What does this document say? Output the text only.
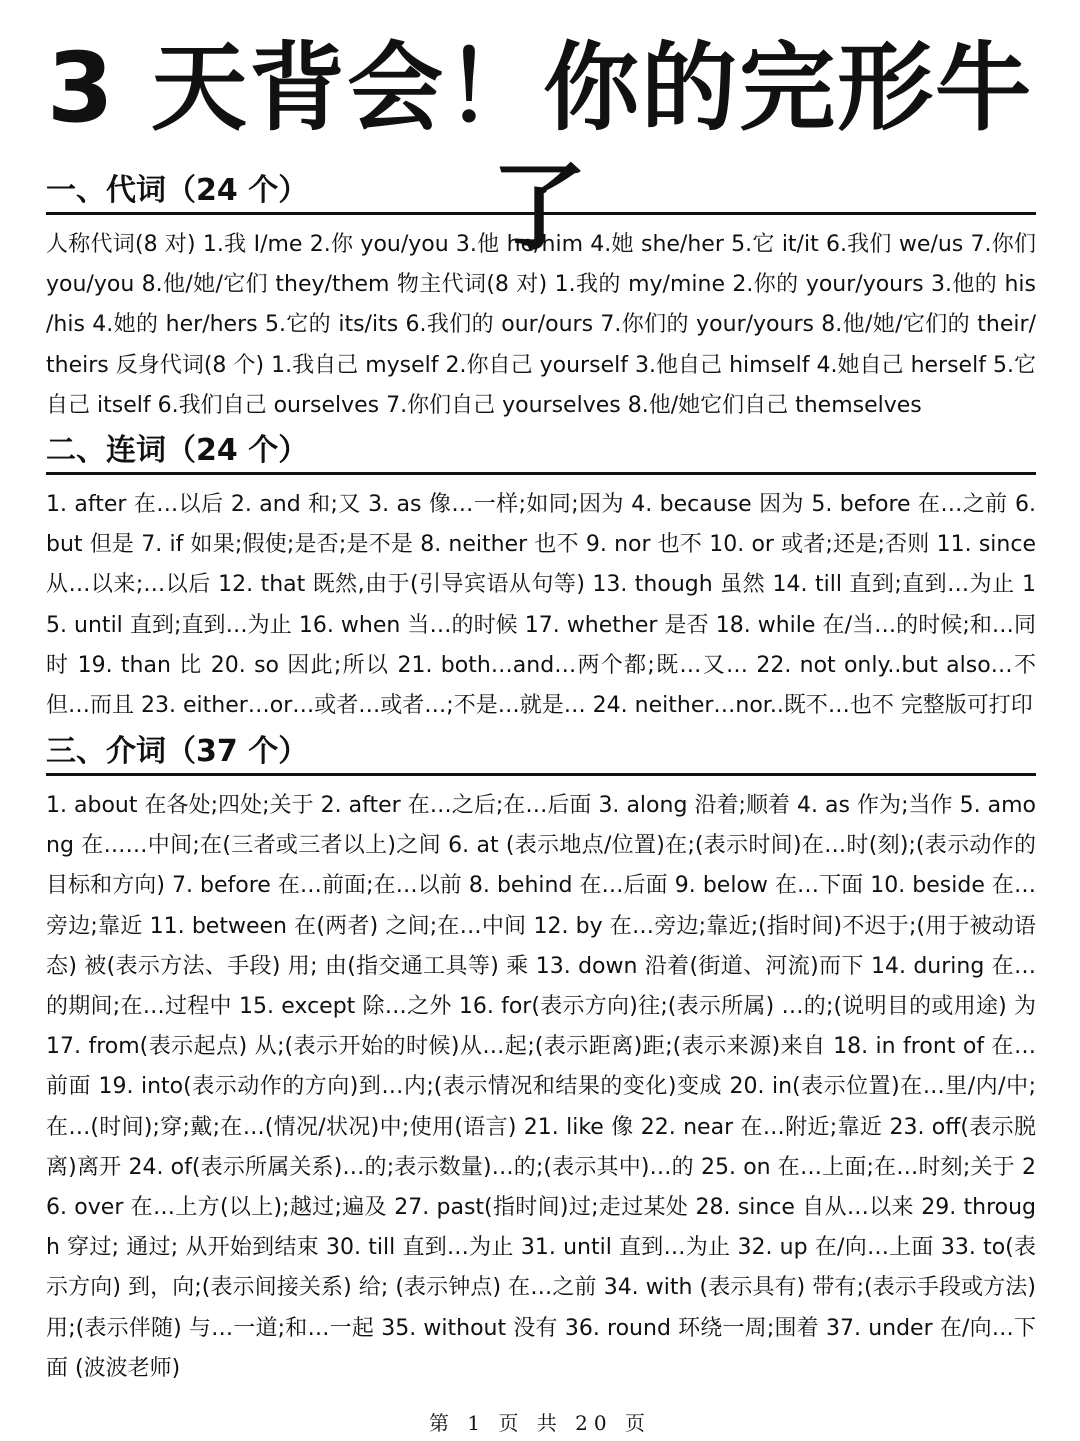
3 天背会！你的完形牛了
一、代词（24 个）
人称代词(8 对) 1.我 I/me 2.你 you/you 3.他 he/him 4.她 she/her 5.它 it/it 6.我们 we/us 7.你们 you/you 8.他/她/它们 they/them 物主代词(8 对) 1.我的 my/mine 2.你的 your/yours 3.他的 his /his 4.她的 her/hers 5.它的 its/its 6.我们的 our/ours 7.你们的 your/yours 8.他/她/它们的 their/ theirs 反身代词(8 个) 1.我自己 myself 2.你自己 yourself 3.他自己 himself 4.她自己 herself 5.它自己 itself 6.我们自己 ourselves 7.你们自己 yourselves 8.他/她它们自己 themselves
二、连词（24 个）
1. after 在…以后 2. and 和;又 3. as 像…一样;如同;因为 4. because 因为 5. before 在…之前 6. but 但是 7. if 如果;假使;是否;是不是 8. neither 也不 9. nor 也不 10. or 或者;还是;否则 11. since 从…以来;…以后 12. that 既然,由于(引导宾语从句等) 13. though 虽然 14. till 直到;直到…为止 15. until 直到;直到…为止 16. when 当…的时候 17. whether 是否 18. while 在/当…的时候;和…同时 19. than 比 20. so 因此;所以 21. both…and…两个都;既…又… 22. not only..but also…不但…而且 23. either…or…或者…或者…;不是…就是… 24. neither…nor..既不…也不 完整版可打印
三、介词（37 个）
1. about 在各处;四处;关于 2. after 在…之后;在…后面 3. along 沿着;顺着 4. as 作为;当作 5. among 在……中间;在(三者或三者以上)之间 6. at (表示地点/位置)在;(表示时间)在…时(刻);(表示动作的目标和方向) 7. before 在…前面;在…以前 8. behind 在…后面 9. below 在…下面 10. beside 在…旁边;靠近 11. between 在(两者) 之间;在…中间 12. by 在…旁边;靠近;(指时间)不迟于;(用于被动语态) 被(表示方法、手段) 用; 由(指交通工具等) 乘 13. down 沿着(街道、河流)而下 14. during 在…的期间;在…过程中 15. except 除…之外 16. for(表示方向)往;(表示所属) …的;(说明目的或用途) 为 17. from(表示起点) 从;(表示开始的时候)从…起;(表示距离)距;(表示来源)来自 18. in front of 在…前面 19. into(表示动作的方向)到…内;(表示情况和结果的变化)变成 20. in(表示位置)在…里/内/中;在…(时间);穿;戴;在…(情况/状况)中;使用(语言) 21. like 像 22. near 在…附近;靠近 23. off(表示脱离)离开 24. of(表示所属关系)…的;表示数量)…的;(表示其中)…的 25. on 在…上面;在…时刻;关于 26. over 在…上方(以上);越过;遍及 27. past(指时间)过;走过某处 28. since 自从…以来 29. through 穿过; 通过; 从开始到结束 30. till 直到…为止 31. until 直到…为止 32. up 在/向…上面 33. to(表示方向) 到，向;(表示间接关系) 给; (表示钟点) 在…之前 34. with (表示具有) 带有;(表示手段或方法)用;(表示伴随) 与…一道;和…一起 35. without 没有 36. round 环绕一周;围着 37. under 在/向…下面 (波波老师)
第 1 页 共 20 页
